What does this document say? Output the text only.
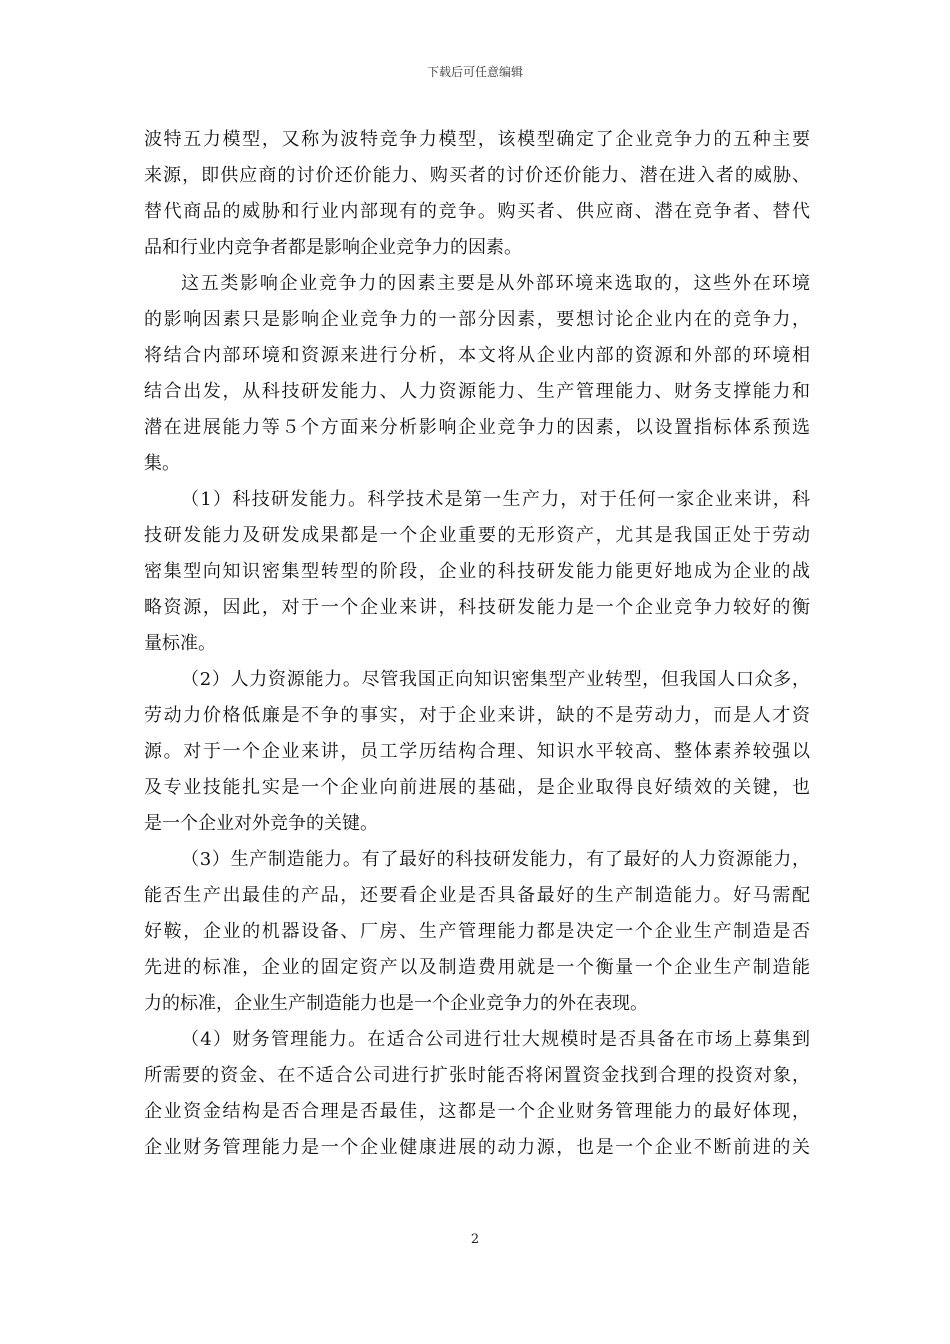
下载后可任意编辑
波特五力模型，又称为波特竞争力模型，该模型确定了企业竞争力的五种主要
来源，即供应商的讨价还价能力、购买者的讨价还价能力、潜在进入者的威胁、
替代商品的威胁和行业内部现有的竞争。购买者、供应商、潜在竞争者、替代
品和行业内竞争者都是影响企业竞争力的因素。
这五类影响企业竞争力的因素主要是从外部环境来选取的，这些外在环境
的影响因素只是影响企业竞争力的一部分因素，要想讨论企业内在的竞争力，
将结合内部环境和资源来进行分析，本文将从企业内部的资源和外部的环境相
结合出发，从科技研发能力、人力资源能力、生产管理能力、财务支撑能力和
潜在进展能力等５个方面来分析影响企业竞争力的因素，以设置指标体系预选
集。
（1）科技研发能力。科学技术是第一生产力，对于任何一家企业来讲，科
技研发能力及研发成果都是一个企业重要的无形资产，尤其是我国正处于劳动
密集型向知识密集型转型的阶段，企业的科技研发能力能更好地成为企业的战
略资源，因此，对于一个企业来讲，科技研发能力是一个企业竞争力较好的衡
量标准。
（2）人力资源能力。尽管我国正向知识密集型产业转型，但我国人口众多，
劳动力价格低廉是不争的事实，对于企业来讲，缺的不是劳动力，而是人才资
源。对于一个企业来讲，员工学历结构合理、知识水平较高、整体素养较强以
及专业技能扎实是一个企业向前进展的基础，是企业取得良好绩效的关键，也
是一个企业对外竞争的关键。
（3）生产制造能力。有了最好的科技研发能力，有了最好的人力资源能力，
能否生产出最佳的产品，还要看企业是否具备最好的生产制造能力。好马需配
好鞍，企业的机器设备、厂房、生产管理能力都是决定一个企业生产制造是否
先进的标准，企业的固定资产以及制造费用就是一个衡量一个企业生产制造能
力的标准，企业生产制造能力也是一个企业竞争力的外在表现。
（4）财务管理能力。在适合公司进行壮大规模时是否具备在市场上募集到
所需要的资金、在不适合公司进行扩张时能否将闲置资金找到合理的投资对象，
企业资金结构是否合理是否最佳，这都是一个企业财务管理能力的最好体现，
企业财务管理能力是一个企业健康进展的动力源，也是一个企业不断前进的关
2
